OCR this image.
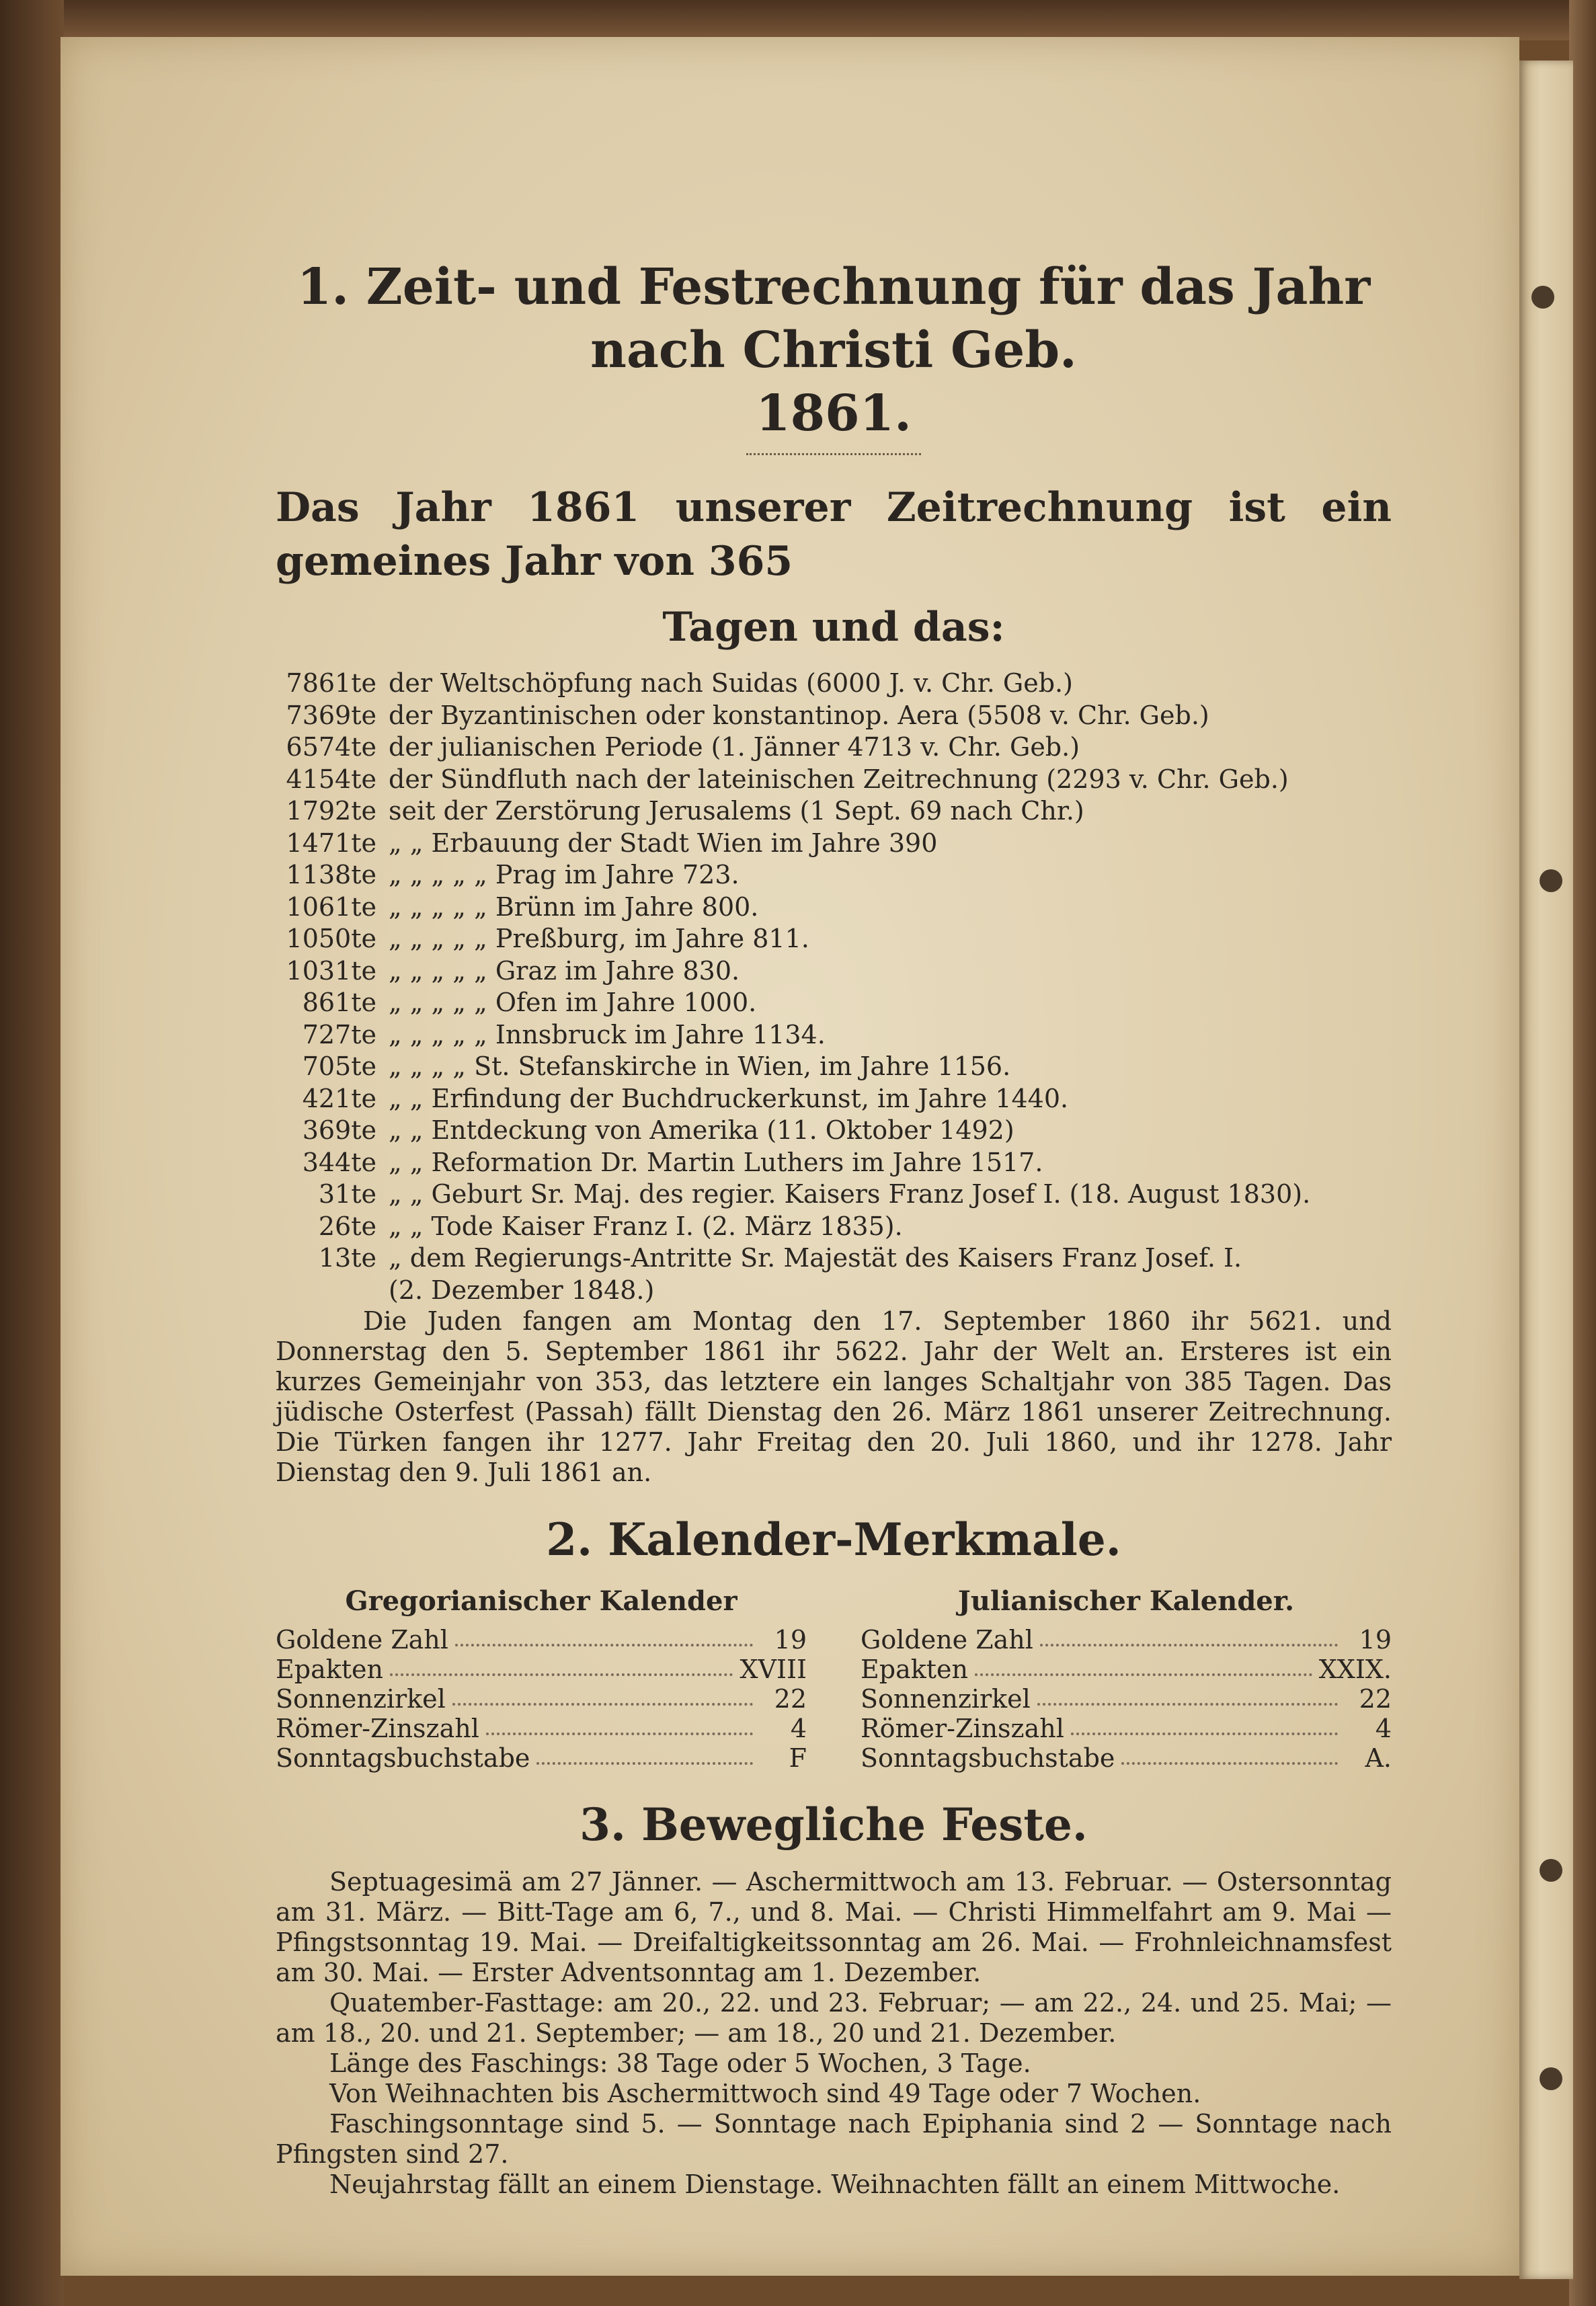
1. Zeit- und Festrechnung für das Jahr nach Christi Geb.
1861.

Das Jahr 1861 unserer Zeitrechnung ist ein gemeines Jahr von 365

Tagen und das:

7861te der Weltschöpfung nach Suidas (6000 J. v. Chr. Geb.)
7369te der Byzantinischen oder konstantinop. Aera (5508 v. Chr. Geb.)
6574te der julianischen Periode (1. Jänner 4713 v. Chr. Geb.)
4154te der Sündfluth nach der lateinischen Zeitrechnung (2293 v. Chr. Geb.)
1792te seit der Zerstörung Jerusalems (1 Sept. 69 nach Chr.)
1471te „ „ Erbauung der Stadt Wien im Jahre 390
1138te „ „ „ „ „ Prag im Jahre 723.
1061te „ „ „ „ „ Brünn im Jahre 800.
1050te „ „ „ „ „ Preßburg, im Jahre 811.
1031te „ „ „ „ „ Graz im Jahre 830.
861te „ „ „ „ „ Ofen im Jahre 1000.
727te „ „ „ „ „ Innsbruck im Jahre 1134.
705te „ „ „ „ St. Stefanskirche in Wien, im Jahre 1156.
421te „ „ Erfindung der Buchdruckerkunst, im Jahre 1440.
369te „ „ Entdeckung von Amerika (11. Oktober 1492)
344te „ „ Reformation Dr. Martin Luthers im Jahre 1517.
31te „ „ Geburt Sr. Maj. des regier. Kaisers Franz Josef I. (18. August 1830).
26te „ „ Tode Kaiser Franz I. (2. März 1835).
13te „ dem Regierungs-Antritte Sr. Majestät des Kaisers Franz Josef. I.
(2. Dezember 1848.)

Die Juden fangen am Montag den 17. September 1860 ihr 5621. und Donnerstag den 5. September 1861 ihr 5622. Jahr der Welt an. Ersteres ist ein kurzes Gemeinjahr von 353, das letztere ein langes Schaltjahr von 385 Tagen. Das jüdische Osterfest (Passah) fällt Dienstag den 26. März 1861 unserer Zeitrechnung. Die Türken fangen ihr 1277. Jahr Freitag den 20. Juli 1860, und ihr 1278. Jahr Dienstag den 9. Juli 1861 an.

2. Kalender-Merkmale.
Gregorianischer Kalender
Goldene Zahl	19
Epakten	XVIII
Sonnenzirkel	22
Römer-Zinszahl	4
Sonntagsbuchstabe	F
Julianischer Kalender.
Goldene Zahl	19
Epakten	XXIX.
Sonnenzirkel	22
Römer-Zinszahl	4
Sonntagsbuchstabe	A.
3. Bewegliche Feste.

Septuagesimä am 27 Jänner. — Aschermittwoch am 13. Februar. — Ostersonntag am 31. März. — Bitt-Tage am 6, 7., und 8. Mai. — Christi Himmelfahrt am 9. Mai — Pfingstsonntag 19. Mai. — Dreifaltigkeitssonntag am 26. Mai. — Frohnleichnamsfest am 30. Mai. — Erster Adventsonntag am 1. Dezember.

Quatember-Fasttage: am 20., 22. und 23. Februar; — am 22., 24. und 25. Mai; — am 18., 20. und 21. September; — am 18., 20 und 21. Dezember.

Länge des Faschings: 38 Tage oder 5 Wochen, 3 Tage.

Von Weihnachten bis Aschermittwoch sind 49 Tage oder 7 Wochen.

Faschingsonntage sind 5. — Sonntage nach Epiphania sind 2 — Sonntage nach Pfingsten sind 27.

Neujahrstag fällt an einem Dienstage. Weihnachten fällt an einem Mittwoche.
